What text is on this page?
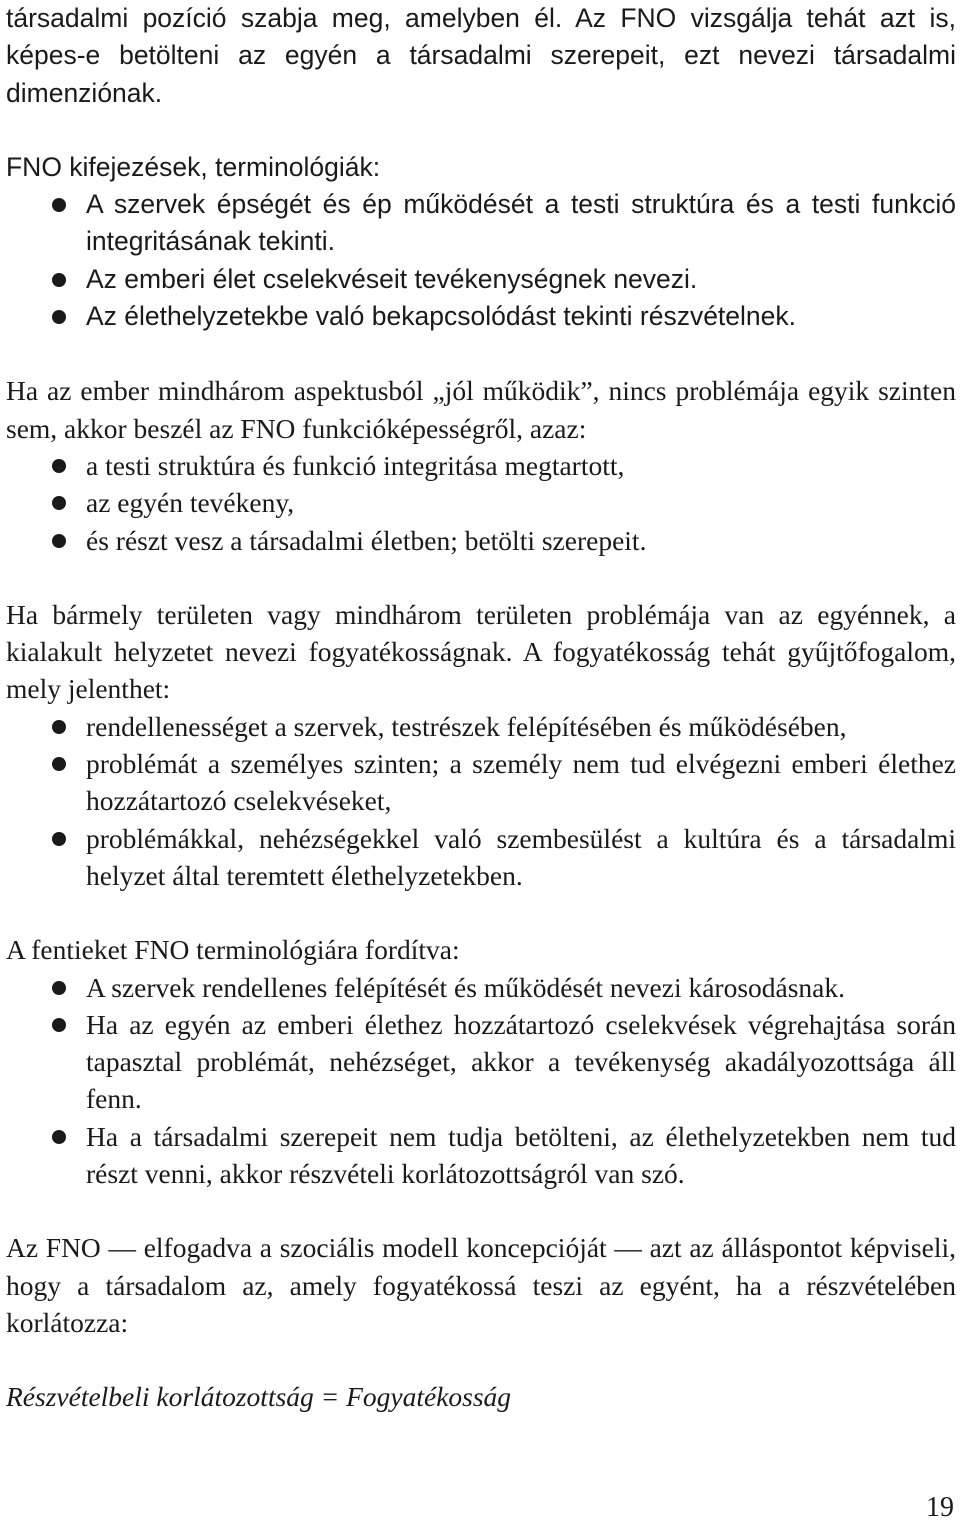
társadalmi pozíció szabja meg, amelyben él. Az FNO vizsgálja tehát azt is, képes-e betölteni az egyén a társadalmi szerepeit, ezt nevezi társadalmi dimenziónak.

FNO kifejezések, terminológiák:

A szervek épségét és ép működését a testi struktúra és a testi funkció integritásának tekinti.
Az emberi élet cselekvéseit tevékenységnek nevezi.
Az élethelyzetekbe való bekapcsolódást tekinti részvételnek.

Ha az ember mindhárom aspektusból „jól működik”, nincs problémája egyik szinten sem, akkor beszél az FNO funkcióképességről, azaz:

a testi struktúra és funkció integritása megtartott,
az egyén tevékeny,
és részt vesz a társadalmi életben; betölti szerepeit.

Ha bármely területen vagy mindhárom területen problémája van az egyénnek, a kialakult helyzetet nevezi fogyatékosságnak. A fogyatékosság tehát gyűjtőfogalom, mely jelenthet:

rendellenességet a szervek, testrészek felépítésében és működésében,
problémát a személyes szinten; a személy nem tud elvégezni emberi élethez hozzátartozó cselekvéseket,
problémákkal, nehézségekkel való szembesülést a kultúra és a társadalmi helyzet által teremtett élethelyzetekben.

A fentieket FNO terminológiára fordítva:

A szervek rendellenes felépítését és működését nevezi károsodásnak.
Ha az egyén az emberi élethez hozzátartozó cselekvések végrehajtása során tapasztal problémát, nehézséget, akkor a tevékenység akadályozottsága áll fenn.
Ha a társadalmi szerepeit nem tudja betölteni, az élethelyzetekben nem tud részt venni, akkor részvételi korlátozottságról van szó.

Az FNO — elfogadva a szociális modell koncepcióját — azt az álláspontot képviseli, hogy a társadalom az, amely fogyatékossá teszi az egyént, ha a részvételében korlátozza:

Részvételbeli korlátozottság = Fogyatékosság

19
